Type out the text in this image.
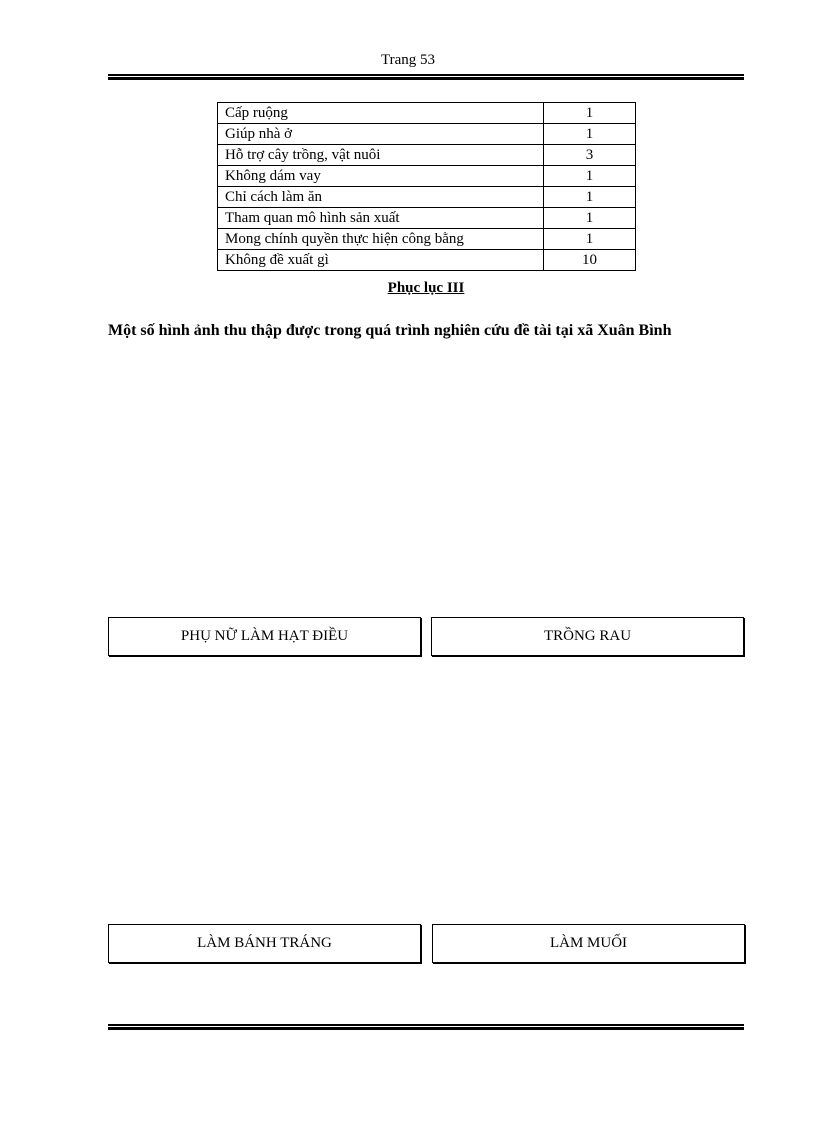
Trang 53
Cấp ruộng	1
Giúp nhà ở	1
Hỗ trợ cây trồng, vật nuôi	3
Không dám vay	1
Chỉ cách làm ăn	1
Tham quan mô hình sản xuất	1
Mong chính quyền thực hiện công bằng	1
Không đề xuất gì	10
Phục lục III
Một số hình ảnh thu thập được trong quá trình nghiên cứu đề tài tại xã Xuân Bình
PHỤ NỮ LÀM HẠT ĐIỀU	TRỒNG RAU
LÀM BÁNH TRÁNG	LÀM MUỐI
